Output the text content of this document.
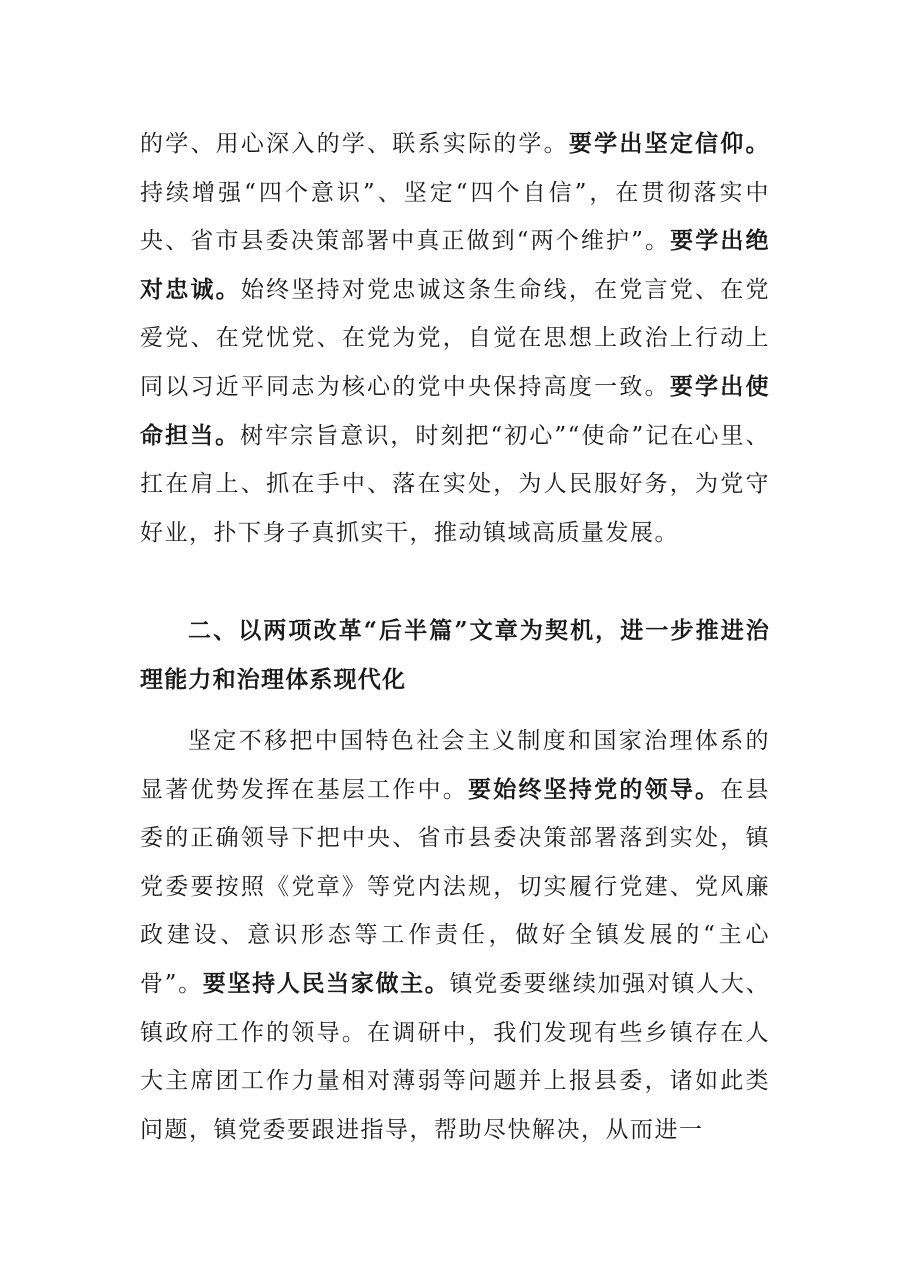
的学、用心深入的学、联系实际的学。要学出坚定信仰。持续增强“四个意识”、坚定“四个自信”，在贯彻落实中央、省市县委决策部署中真正做到“两个维护”。要学出绝对忠诚。始终坚持对党忠诚这条生命线，在党言党、在党爱党、在党忧党、在党为党，自觉在思想上政治上行动上同以习近平同志为核心的党中央保持高度一致。要学出使命担当。树牢宗旨意识，时刻把“初心”“使命”记在心里、扛在肩上、抓在手中、落在实处，为人民服好务，为党守好业，扑下身子真抓实干，推动镇域高质量发展。
二、以两项改革“后半篇”文章为契机，进一步推进治理能力和治理体系现代化
坚定不移把中国特色社会主义制度和国家治理体系的显著优势发挥在基层工作中。要始终坚持党的领导。在县委的正确领导下把中央、省市县委决策部署落到实处，镇党委要按照《党章》等党内法规，切实履行党建、党风廉政建设、意识形态等工作责任，做好全镇发展的“主心骨”。要坚持人民当家做主。镇党委要继续加强对镇人大、镇政府工作的领导。在调研中，我们发现有些乡镇存在人大主席团工作力量相对薄弱等问题并上报县委，诸如此类问题，镇党委要跟进指导，帮助尽快解决，从而进一
